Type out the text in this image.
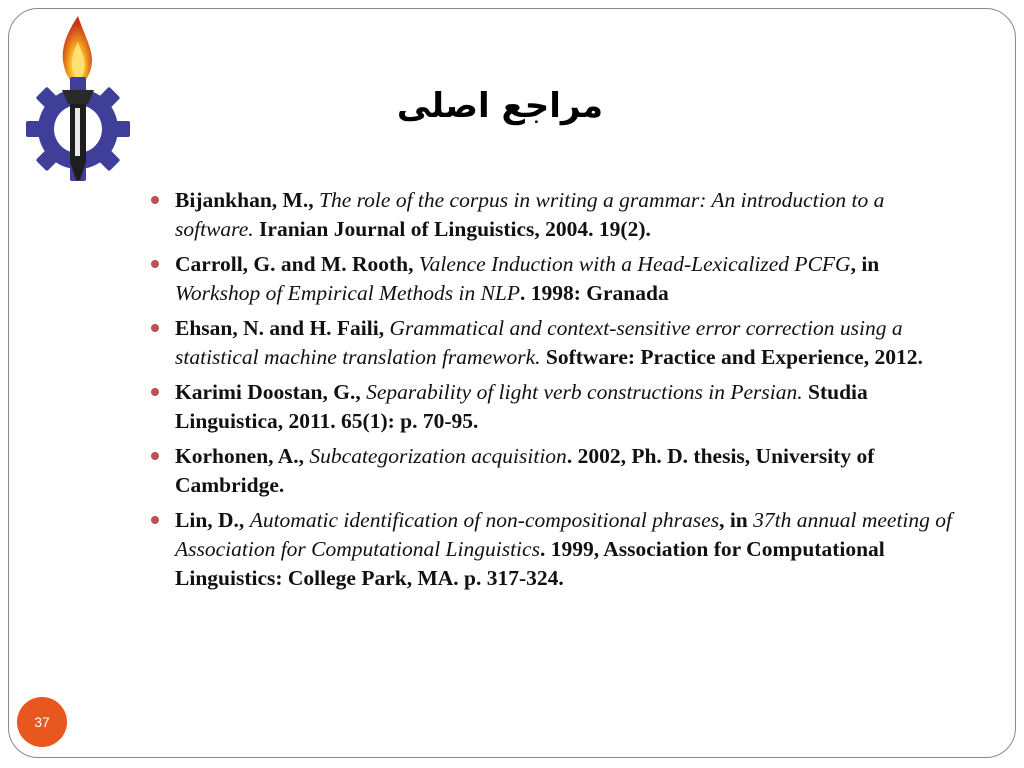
مراجع اصلی
Bijankhan, M., The role of the corpus in writing a grammar: An introduction to a software. Iranian Journal of Linguistics, 2004. 19(2).
Carroll, G. and M. Rooth, Valence Induction with a Head-Lexicalized PCFG, in Workshop of Empirical Methods in NLP. 1998: Granada
Ehsan, N. and H. Faili, Grammatical and context-sensitive error correction using a statistical machine translation framework. Software: Practice and Experience, 2012.
Karimi Doostan, G., Separability of light verb constructions in Persian. Studia Linguistica, 2011. 65(1): p. 70-95.
Korhonen, A., Subcategorization acquisition. 2002, Ph. D. thesis, University of Cambridge.
Lin, D., Automatic identification of non-compositional phrases, in 37th annual meeting of Association for Computational Linguistics. 1999, Association for Computational Linguistics: College Park, MA. p. 317-324.
37
